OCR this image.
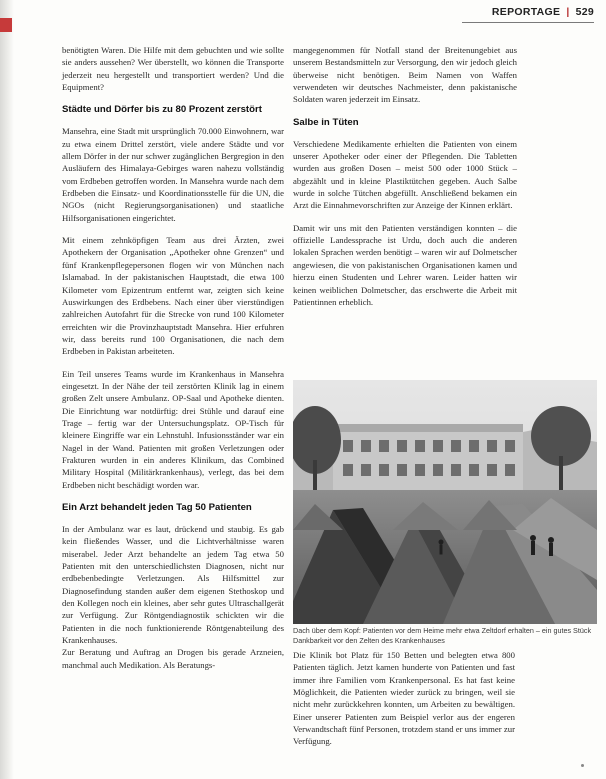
REPORTAGE | 529

benötigten Waren. Die Hilfe mit dem gebuchten und wie sollte sie anders aussehen? Wer überstellt, wo können die Transporte jederzeit neu hergestellt und transportiert werden? Und die Equipment?

Städte und Dörfer bis zu 80 Prozent zerstört

Mansehra, eine Stadt mit ursprünglich 70.000 Einwohnern, war zu etwa einem Drittel zerstört, viele andere Städte und vor allem Dörfer in der nur schwer zugänglichen Bergregion in den Ausläufern des Himalaya-Gebirges waren nahezu vollständig vom Erdbeben getroffen worden. In Mansehra wurde nach dem Erdbeben die Einsatz- und Koordinationsstelle für die UN, die NGOs (nicht Regierungsorganisationen) und staatliche Hilfsorganisationen eingerichtet.

Mit einem zehnköpfigen Team aus drei Ärzten, zwei Apothekern der Organisation „Apotheker ohne Grenzen“ und fünf Krankenpflegepersonen flogen wir von München nach Islamabad. In der pakistanischen Hauptstadt, die etwa 100 Kilometer vom Epizentrum entfernt war, zeigten sich keine Auswirkungen des Erdbebens. Nach einer über vierstündigen zahlreichen Autofahrt für die Strecke von rund 100 Kilometer erreichten wir die Provinzhauptstadt Mansehra. Hier erfuhren wir, dass bereits rund 100 Organisationen, die nach dem Erdbeben in Pakistan arbeiteten.

Ein Teil unseres Teams wurde im Krankenhaus in Mansehra eingesetzt. In der Nähe der teil zerstörten Klinik lag in einem großen Zelt unsere Ambulanz. OP-Saal und Apotheke dienten. Die Einrichtung war notdürftig: drei Stühle und darauf eine Trage – fertig war der Untersuchungsplatz. OP-Tisch für kleinere Eingriffe war ein Lehnstuhl. Infusionsständer war ein Nagel in der Wand. Patienten mit großen Verletzungen oder Frakturen wurden in ein anderes Klinikum, das Combined Military Hospital (Militärkrankenhaus), verlegt, das bei dem Erdbeben nicht beschädigt worden war.

Ein Arzt behandelt jeden Tag 50 Patienten

In der Ambulanz war es laut, drückend und staubig. Es gab kein fließendes Wasser, und die Lichtverhältnisse waren miserabel. Jeder Arzt behandelte an jedem Tag etwa 50 Patienten mit den unterschiedlichsten Diagnosen, nicht nur erdbebenbedingte Verletzungen. Als Hilfsmittel zur Diagnosefindung standen außer dem eigenen Stethoskop und den Kollegen noch ein kleines, aber sehr gutes Ultraschallgerät zur Verfügung. Zur Röntgendiagnostik schickten wir die Patienten in die noch funktionierende Röntgenabteilung des Krankenhauses.

Zur Beratung und Auftrag an Drogen bis gerade Arzneien, manchmal auch Medikation. Als Beratungs-

mangegenommen für Notfall stand der Breitenungebiet aus unserem Bestandsmitteln zur Versorgung, den wir jedoch gleich überweise nicht benötigen. Beim Namen von Waffen verwendeten wir deutsches Nachmeister, denn pakistanische Soldaten waren jederzeit im Einsatz.

Salbe in Tüten

Verschiedene Medikamente erhielten die Patienten von einem unserer Apotheker oder einer der Pflegenden. Die Tabletten wurden aus großen Dosen – meist 500 oder 1000 Stück – abgezählt und in kleine Plastiktütchen gegeben. Auch Salbe wurde in solche Tütchen abgefüllt. Anschließend bekamen ein Arzt die Einnahmevorschriften zur Anzeige der Kinnen erklärt.

Damit wir uns mit den Patienten verständigen konnten – die offizielle Landessprache ist Urdu, doch auch die anderen lokalen Sprachen werden benötigt – waren wir auf Dolmetscher angewiesen, die von pakistanischen Organisationen kamen und hierzu einen Studenten und Lehrer waren. Leider hatten wir keinen weiblichen Dolmetscher, das erschwerte die Arbeit mit Patientinnen erheblich.

Dach über dem Kopf: Patienten vor dem Heime mehr etwa Zeltdorf erhalten – ein gutes Stück Dankbarkeit vor den Zelten des Krankenhauses

Die Klinik bot Platz für 150 Betten und belegten etwa 800 Patienten täglich. Jetzt kamen hunderte von Patienten und fast immer ihre Familien vom Krankenpersonal. Es hat fast keine Möglichkeit, die Patienten wieder zurück zu bringen, weil sie nicht mehr zurückkehren konnten, um Arbeiten zu bewältigen. Einer unserer Patienten zum Beispiel verlor aus der engeren Verwandtschaft fünf Personen, trotzdem stand er uns immer zur Verfügung.
